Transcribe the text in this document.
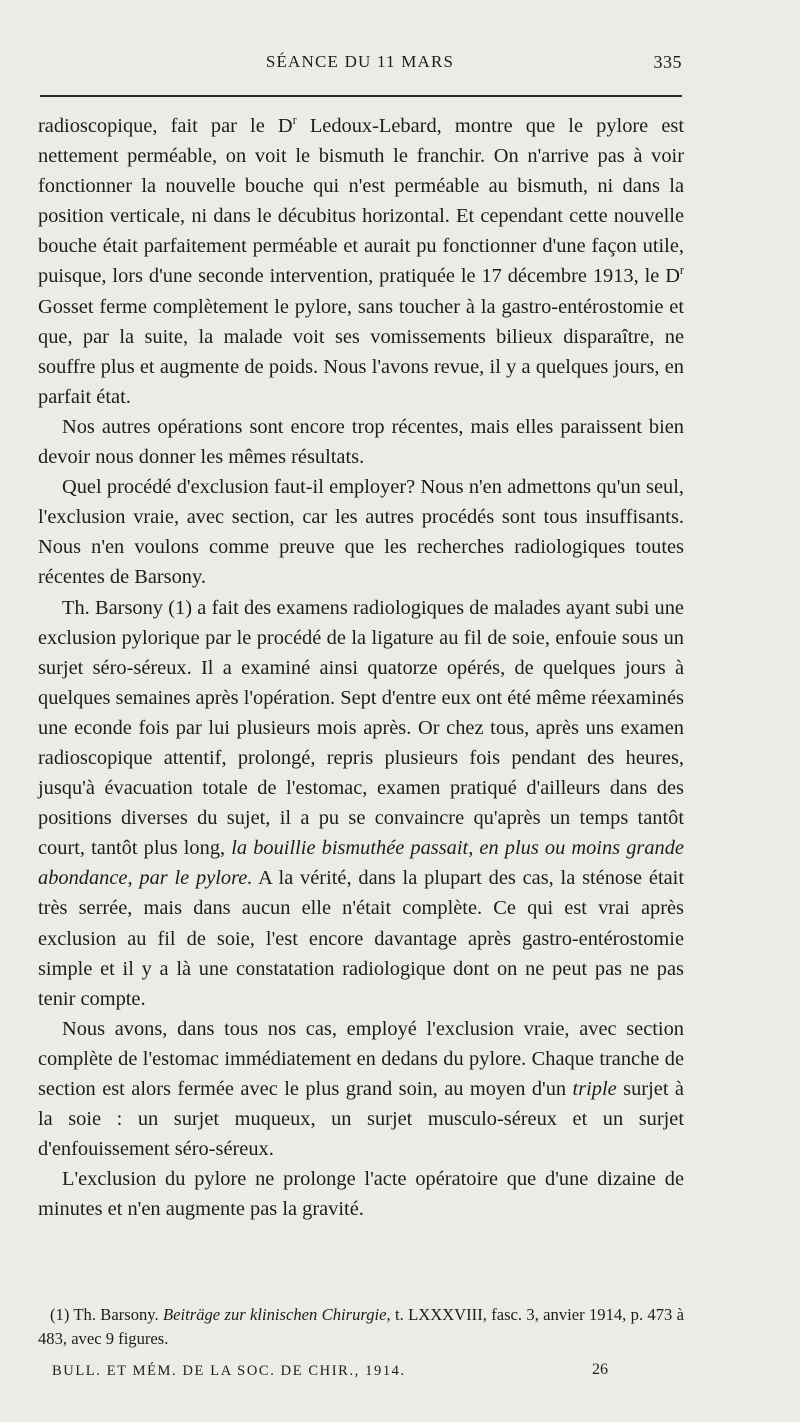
SÉANCE DU 11 MARS	335

radioscopique, fait par le $D^r$ Ledoux-Lebard, montre que le pylore est nettement perméable, on voit le bismuth le franchir. On n'arrive pas à voir fonctionner la nouvelle bouche qui n'est perméable au bismuth, ni dans la position verticale, ni dans le décubitus horizontal. Et cependant cette nouvelle bouche était parfaitement perméable et aurait pu fonctionner d'une façon utile, puisque, lors d'une seconde intervention, pratiquée le 17 décembre 1913, le $D^r$ Gosset ferme complètement le pylore, sans toucher à la gastro-entérostomie et que, par la suite, la malade voit ses vomissements bilieux disparaître, ne souffre plus et augmente de poids. Nous l'avons revue, il y a quelques jours, en parfait état.

Nos autres opérations sont encore trop récentes, mais elles paraissent bien devoir nous donner les mêmes résultats.

Quel procédé d'exclusion faut-il employer? Nous n'en admettons qu'un seul, l'exclusion vraie, avec section, car les autres procédés sont tous insuffisants. Nous n'en voulons comme preuve que les recherches radiologiques toutes récentes de Barsony.

Th. Barsony (1) a fait des examens radiologiques de malades ayant subi une exclusion pylorique par le procédé de la ligature au fil de soie, enfouie sous un surjet séro-séreux. Il a examiné ainsi quatorze opérés, de quelques jours à quelques semaines après l'opération. Sept d'entre eux ont été même réexaminés une econde fois par lui plusieurs mois après. Or chez tous, après uns examen radioscopique attentif, prolongé, repris plusieurs fois pendant des heures, jusqu'à évacuation totale de l'estomac, examen pratiqué d'ailleurs dans des positions diverses du sujet, il a pu se convaincre qu'après un temps tantôt court, tantôt plus long, la bouillie bismuthée passait, en plus ou moins grande abondance, par le pylore. A la vérité, dans la plupart des cas, la sténose était très serrée, mais dans aucun elle n'était complète. Ce qui est vrai après exclusion au fil de soie, l'est encore davantage après gastro-entérostomie simple et il y a là une constatation radiologique dont on ne peut pas ne pas tenir compte.

Nous avons, dans tous nos cas, employé l'exclusion vraie, avec section complète de l'estomac immédiatement en dedans du pylore. Chaque tranche de section est alors fermée avec le plus grand soin, au moyen d'un triple surjet à la soie : un surjet muqueux, un surjet musculo-séreux et un surjet d'enfouissement séro-séreux.

L'exclusion du pylore ne prolonge l'acte opératoire que d'une dizaine de minutes et n'en augmente pas la gravité.

(1) Th. Barsony. Beiträge zur klinischen Chirurgie, t. LXXXVIII, fasc. 3, anvier 1914, p. 473 à 483, avec 9 figures.

BULL. ET MÉM. DE LA SOC. DE CHIR., 1914.	26
